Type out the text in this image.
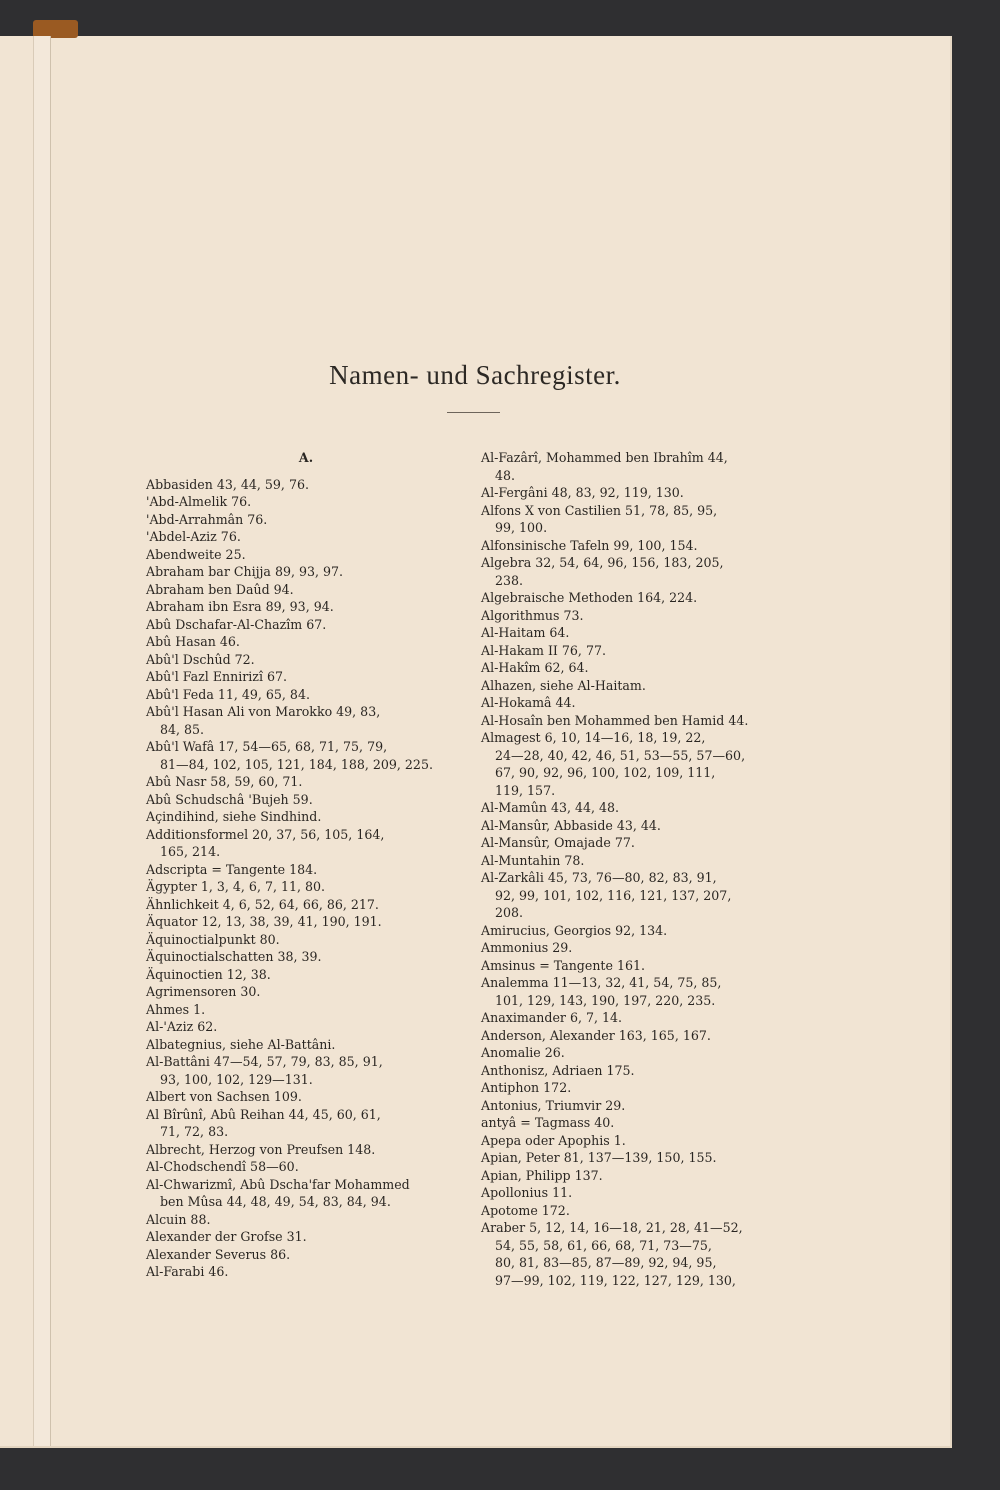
Namen- und Sachregister.
A.
Abbasiden 43, 44, 59, 76.
'Abd-Almelik 76.
'Abd-Arrahmân 76.
'Abdel-Aziz 76.
Abendweite 25.
Abraham bar Chijja 89, 93, 97.
Abraham ben Daûd 94.
Abraham ibn Esra 89, 93, 94.
Abû Dschafar-Al-Chazîm 67.
Abû Hasan 46.
Abû'l Dschûd 72.
Abû'l Fazl Ennirizî 67.
Abû'l Feda 11, 49, 65, 84.
Abû'l Hasan Ali von Marokko 49, 83,
84, 85.
Abû'l Wafâ 17, 54—65, 68, 71, 75, 79,
81—84, 102, 105, 121, 184, 188, 209, 225.
Abû Nasr 58, 59, 60, 71.
Abû Schudschâ 'Bujeh 59.
Açindihind, siehe Sindhind.
Additionsformel 20, 37, 56, 105, 164,
165, 214.
Adscripta = Tangente 184.
Ägypter 1, 3, 4, 6, 7, 11, 80.
Ähnlichkeit 4, 6, 52, 64, 66, 86, 217.
Äquator 12, 13, 38, 39, 41, 190, 191.
Äquinoctialpunkt 80.
Äquinoctialschatten 38, 39.
Äquinoctien 12, 38.
Agrimensoren 30.
Ahmes 1.
Al-'Aziz 62.
Albategnius, siehe Al-Battâni.
Al-Battâni 47—54, 57, 79, 83, 85, 91,
93, 100, 102, 129—131.
Albert von Sachsen 109.
Al Bîrûnî, Abû Reihan 44, 45, 60, 61,
71, 72, 83.
Albrecht, Herzog von Preufsen 148.
Al-Chodschendî 58—60.
Al-Chwarizmî, Abû Dscha'far Mohammed
ben Mûsa 44, 48, 49, 54, 83, 84, 94.
Alcuin 88.
Alexander der Grofse 31.
Alexander Severus 86.
Al-Farabi 46.
Al-Fazârî, Mohammed ben Ibrahîm 44,
48.
Al-Fergâni 48, 83, 92, 119, 130.
Alfons X von Castilien 51, 78, 85, 95,
99, 100.
Alfonsinische Tafeln 99, 100, 154.
Algebra 32, 54, 64, 96, 156, 183, 205,
238.
Algebraische Methoden 164, 224.
Algorithmus 73.
Al-Haitam 64.
Al-Hakam II 76, 77.
Al-Hakîm 62, 64.
Alhazen, siehe Al-Haitam.
Al-Hokamâ 44.
Al-Hosaîn ben Mohammed ben Hamid 44.
Almagest 6, 10, 14—16, 18, 19, 22,
24—28, 40, 42, 46, 51, 53—55, 57—60,
67, 90, 92, 96, 100, 102, 109, 111,
119, 157.
Al-Mamûn 43, 44, 48.
Al-Mansûr, Abbaside 43, 44.
Al-Mansûr, Omajade 77.
Al-Muntahin 78.
Al-Zarkâli 45, 73, 76—80, 82, 83, 91,
92, 99, 101, 102, 116, 121, 137, 207,
208.
Amirucius, Georgios 92, 134.
Ammonius 29.
Amsinus = Tangente 161.
Analemma 11—13, 32, 41, 54, 75, 85,
101, 129, 143, 190, 197, 220, 235.
Anaximander 6, 7, 14.
Anderson, Alexander 163, 165, 167.
Anomalie 26.
Anthonisz, Adriaen 175.
Antiphon 172.
Antonius, Triumvir 29.
antyâ = Tagmass 40.
Apepa oder Apophis 1.
Apian, Peter 81, 137—139, 150, 155.
Apian, Philipp 137.
Apollonius 11.
Apotome 172.
Araber 5, 12, 14, 16—18, 21, 28, 41—52,
54, 55, 58, 61, 66, 68, 71, 73—75,
80, 81, 83—85, 87—89, 92, 94, 95,
97—99, 102, 119, 122, 127, 129, 130,
